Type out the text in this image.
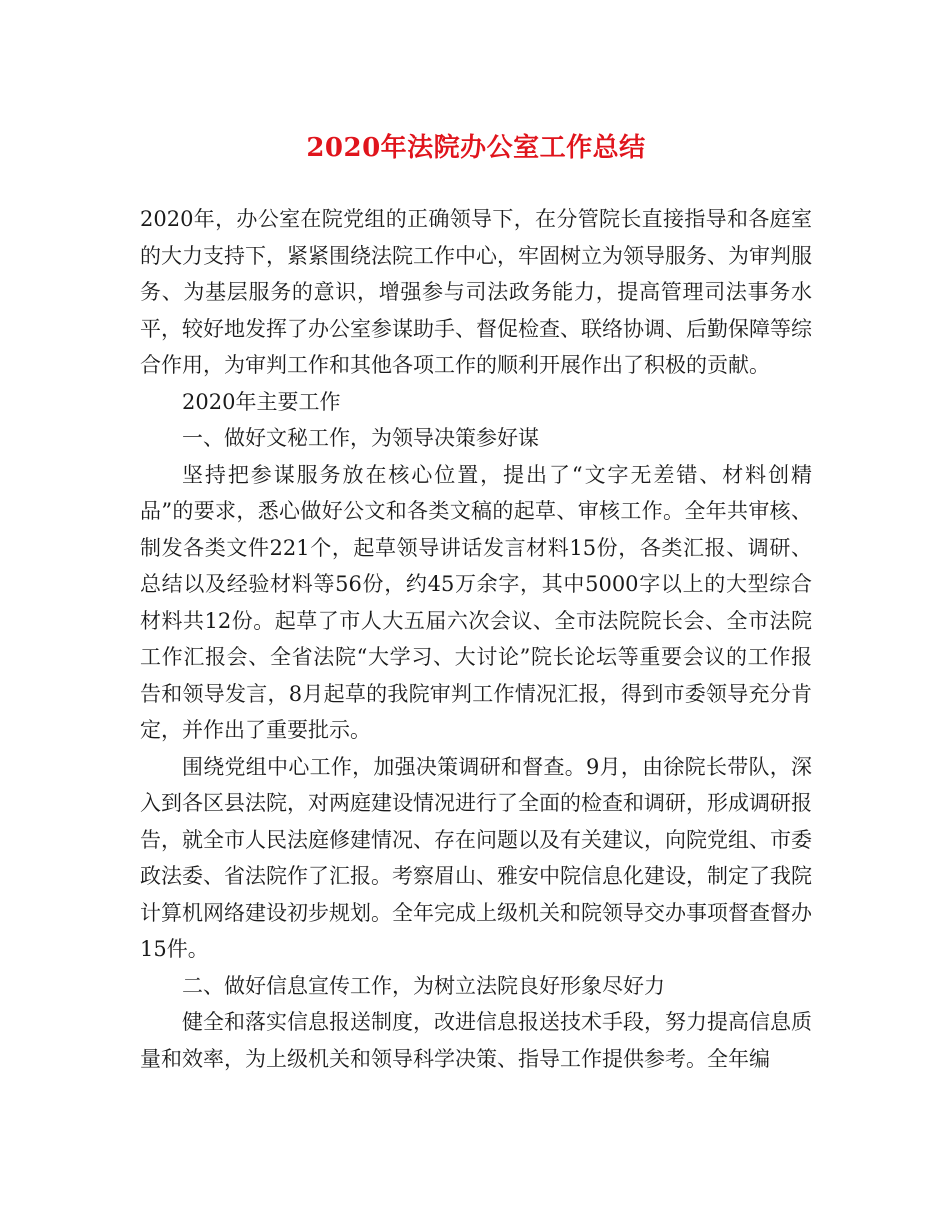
2020年法院办公室工作总结

2020年，办公室在院党组的正确领导下，在分管院长直接指导和各庭室的大力支持下，紧紧围绕法院工作中心，牢固树立为领导服务、为审判服务、为基层服务的意识，增强参与司法政务能力，提高管理司法事务水平，较好地发挥了办公室参谋助手、督促检查、联络协调、后勤保障等综合作用，为审判工作和其他各项工作的顺利开展作出了积极的贡献。

2020年主要工作

一、做好文秘工作，为领导决策参好谋

坚持把参谋服务放在核心位置，提出了“文字无差错、材料创精品”的要求，悉心做好公文和各类文稿的起草、审核工作。全年共审核、制发各类文件221个，起草领导讲话发言材料15份，各类汇报、调研、总结以及经验材料等56份，约45万余字，其中5000字以上的大型综合材料共12份。起草了市人大五届六次会议、全市法院院长会、全市法院工作汇报会、全省法院“大学习、大讨论”院长论坛等重要会议的工作报告和领导发言，8月起草的我院审判工作情况汇报，得到市委领导充分肯定，并作出了重要批示。

围绕党组中心工作，加强决策调研和督查。9月，由徐院长带队，深入到各区县法院，对两庭建设情况进行了全面的检查和调研，形成调研报告，就全市人民法庭修建情况、存在问题以及有关建议，向院党组、市委政法委、省法院作了汇报。考察眉山、雅安中院信息化建设，制定了我院计算机网络建设初步规划。全年完成上级机关和院领导交办事项督查督办15件。

二、做好信息宣传工作，为树立法院良好形象尽好力

健全和落实信息报送制度，改进信息报送技术手段，努力提高信息质量和效率，为上级机关和领导科学决策、指导工作提供参考。全年编
